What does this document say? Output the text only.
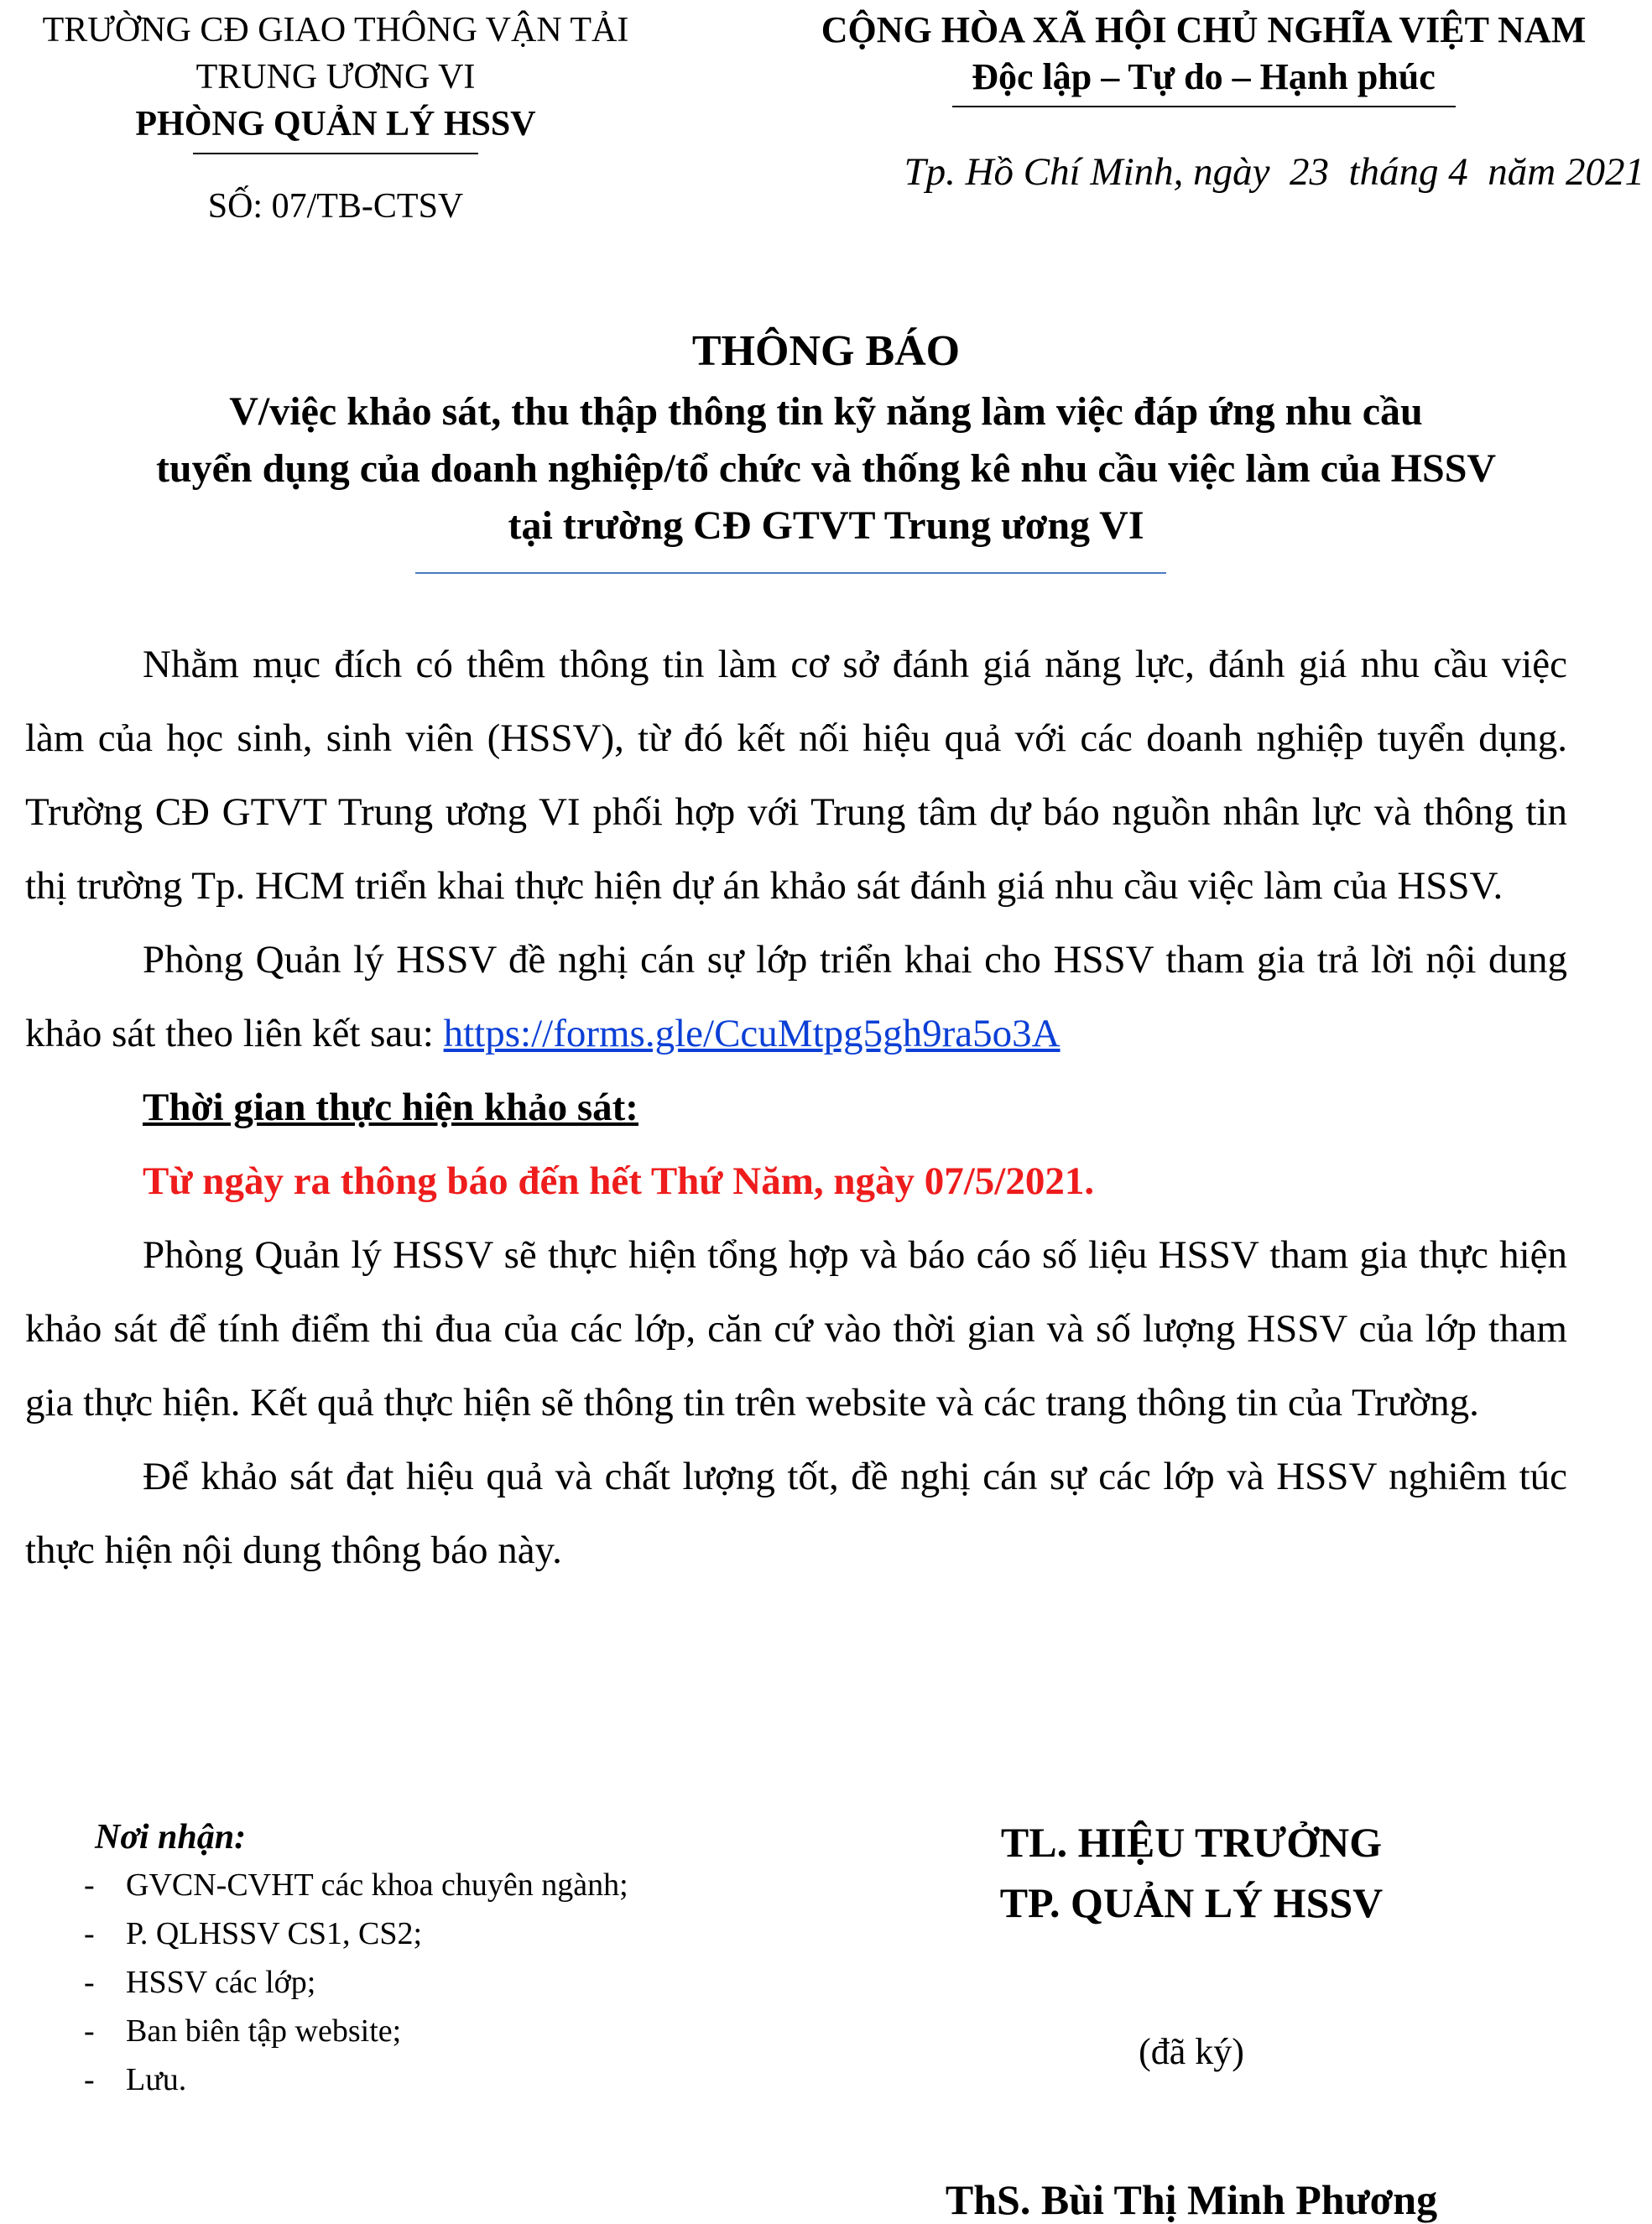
TRƯỜNG CĐ GIAO THÔNG VẬN TẢI
TRUNG ƯƠNG VI
PHÒNG QUẢN LÝ HSSV
SỐ: 07/TB-CTSV
CỘNG HÒA XÃ HỘI CHỦ NGHĨA VIỆT NAM
Độc lập – Tự do – Hạnh phúc
Tp. Hồ Chí Minh, ngày  23  tháng 4  năm 2021
THÔNG BÁO
V/việc khảo sát, thu thập thông tin kỹ năng làm việc đáp ứng nhu cầu
tuyển dụng của doanh nghiệp/tổ chức và thống kê nhu cầu việc làm của HSSV
tại trường CĐ GTVT Trung ương VI

Nhằm mục đích có thêm thông tin làm cơ sở đánh giá năng lực, đánh giá nhu cầu việc làm của học sinh, sinh viên (HSSV), từ đó kết nối hiệu quả với các doanh nghiệp tuyển dụng. Trường CĐ GTVT Trung ương VI phối hợp với Trung tâm dự báo nguồn nhân lực và thông tin thị trường Tp. HCM triển khai thực hiện dự án khảo sát đánh giá nhu cầu việc làm của HSSV.

Phòng Quản lý HSSV đề nghị cán sự lớp triển khai cho HSSV tham gia trả lời nội dung khảo sát theo liên kết sau: https://forms.gle/CcuMtpg5gh9ra5o3A

Thời gian thực hiện khảo sát:
Từ ngày ra thông báo đến hết Thứ Năm, ngày 07/5/2021.

Phòng Quản lý HSSV sẽ thực hiện tổng hợp và báo cáo số liệu HSSV tham gia thực hiện khảo sát để tính điểm thi đua của các lớp, căn cứ vào thời gian và số lượng HSSV của lớp tham gia thực hiện. Kết quả thực hiện sẽ thông tin trên website và các trang thông tin của Trường.

Để khảo sát đạt hiệu quả và chất lượng tốt, đề nghị cán sự các lớp và HSSV nghiêm túc thực hiện nội dung thông báo này.

Nơi nhận:
- GVCN-CVHT các khoa chuyên ngành;
- P. QLHSSV CS1, CS2;
- HSSV các lớp;
- Ban biên tập website;
- Lưu.
TL. HIỆU TRƯỞNG
TP. QUẢN LÝ HSSV
(đã ký)
ThS. Bùi Thị Minh Phương
